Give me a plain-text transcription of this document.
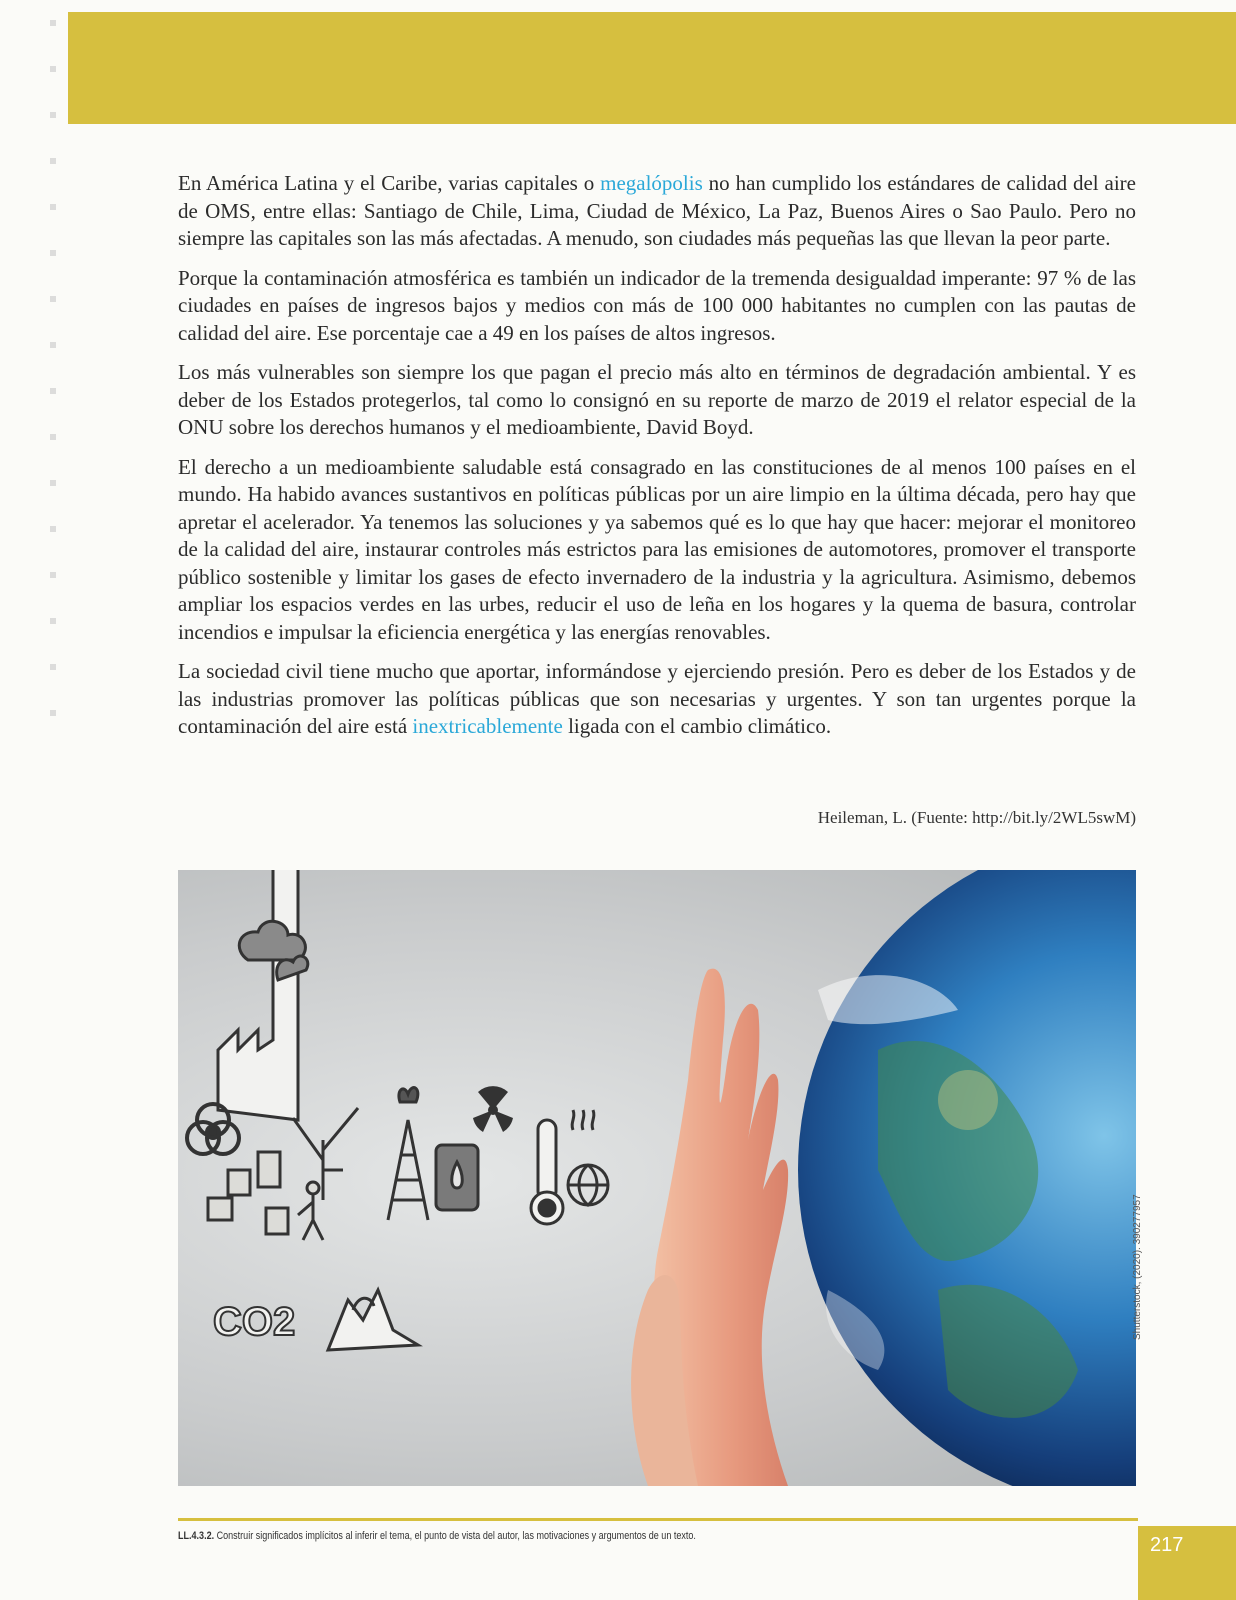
En América Latina y el Caribe, varias capitales o megalópolis no han cumplido los estándares de calidad del aire de OMS, entre ellas: Santiago de Chile, Lima, Ciudad de México, La Paz, Buenos Aires o Sao Paulo. Pero no siempre las capitales son las más afectadas. A menudo, son ciudades más pequeñas las que llevan la peor parte.

Porque la contaminación atmosférica es también un indicador de la tremenda desigualdad imperante: 97 % de las ciudades en países de ingresos bajos y medios con más de 100 000 habitantes no cumplen con las pautas de calidad del aire. Ese porcentaje cae a 49 en los países de altos ingresos.

Los más vulnerables son siempre los que pagan el precio más alto en términos de degradación ambiental. Y es deber de los Estados protegerlos, tal como lo consignó en su reporte de marzo de 2019 el relator especial de la ONU sobre los derechos humanos y el medioambiente, David Boyd.

El derecho a un medioambiente saludable está consagrado en las constituciones de al menos 100 países en el mundo. Ha habido avances sustantivos en políticas públicas por un aire limpio en la última década, pero hay que apretar el acelerador. Ya tenemos las soluciones y ya sabemos qué es lo que hay que hacer: mejorar el monitoreo de la calidad del aire, instaurar controles más estrictos para las emisiones de automotores, promover el transporte público sostenible y limitar los gases de efecto invernadero de la industria y la agricultura. Asimismo, debemos ampliar los espacios verdes en las urbes, reducir el uso de leña en los hogares y la quema de basura, controlar incendios e impulsar la eficiencia energética y las energías renovables.

La sociedad civil tiene mucho que aportar, informándose y ejerciendo presión. Pero es deber de los Estados y de las industrias promover las políticas públicas que son necesarias y urgentes. Y son tan urgentes porque la contaminación del aire está inextricablemente ligada con el cambio climático.

Heileman, L. (Fuente: http://bit.ly/2WL5swM)
CO2	Shutterstock, (2020). 390277957
LL.4.3.2. Construir significados implícitos al inferir el tema, el punto de vista del autor, las motivaciones y argumentos de un texto.	217
